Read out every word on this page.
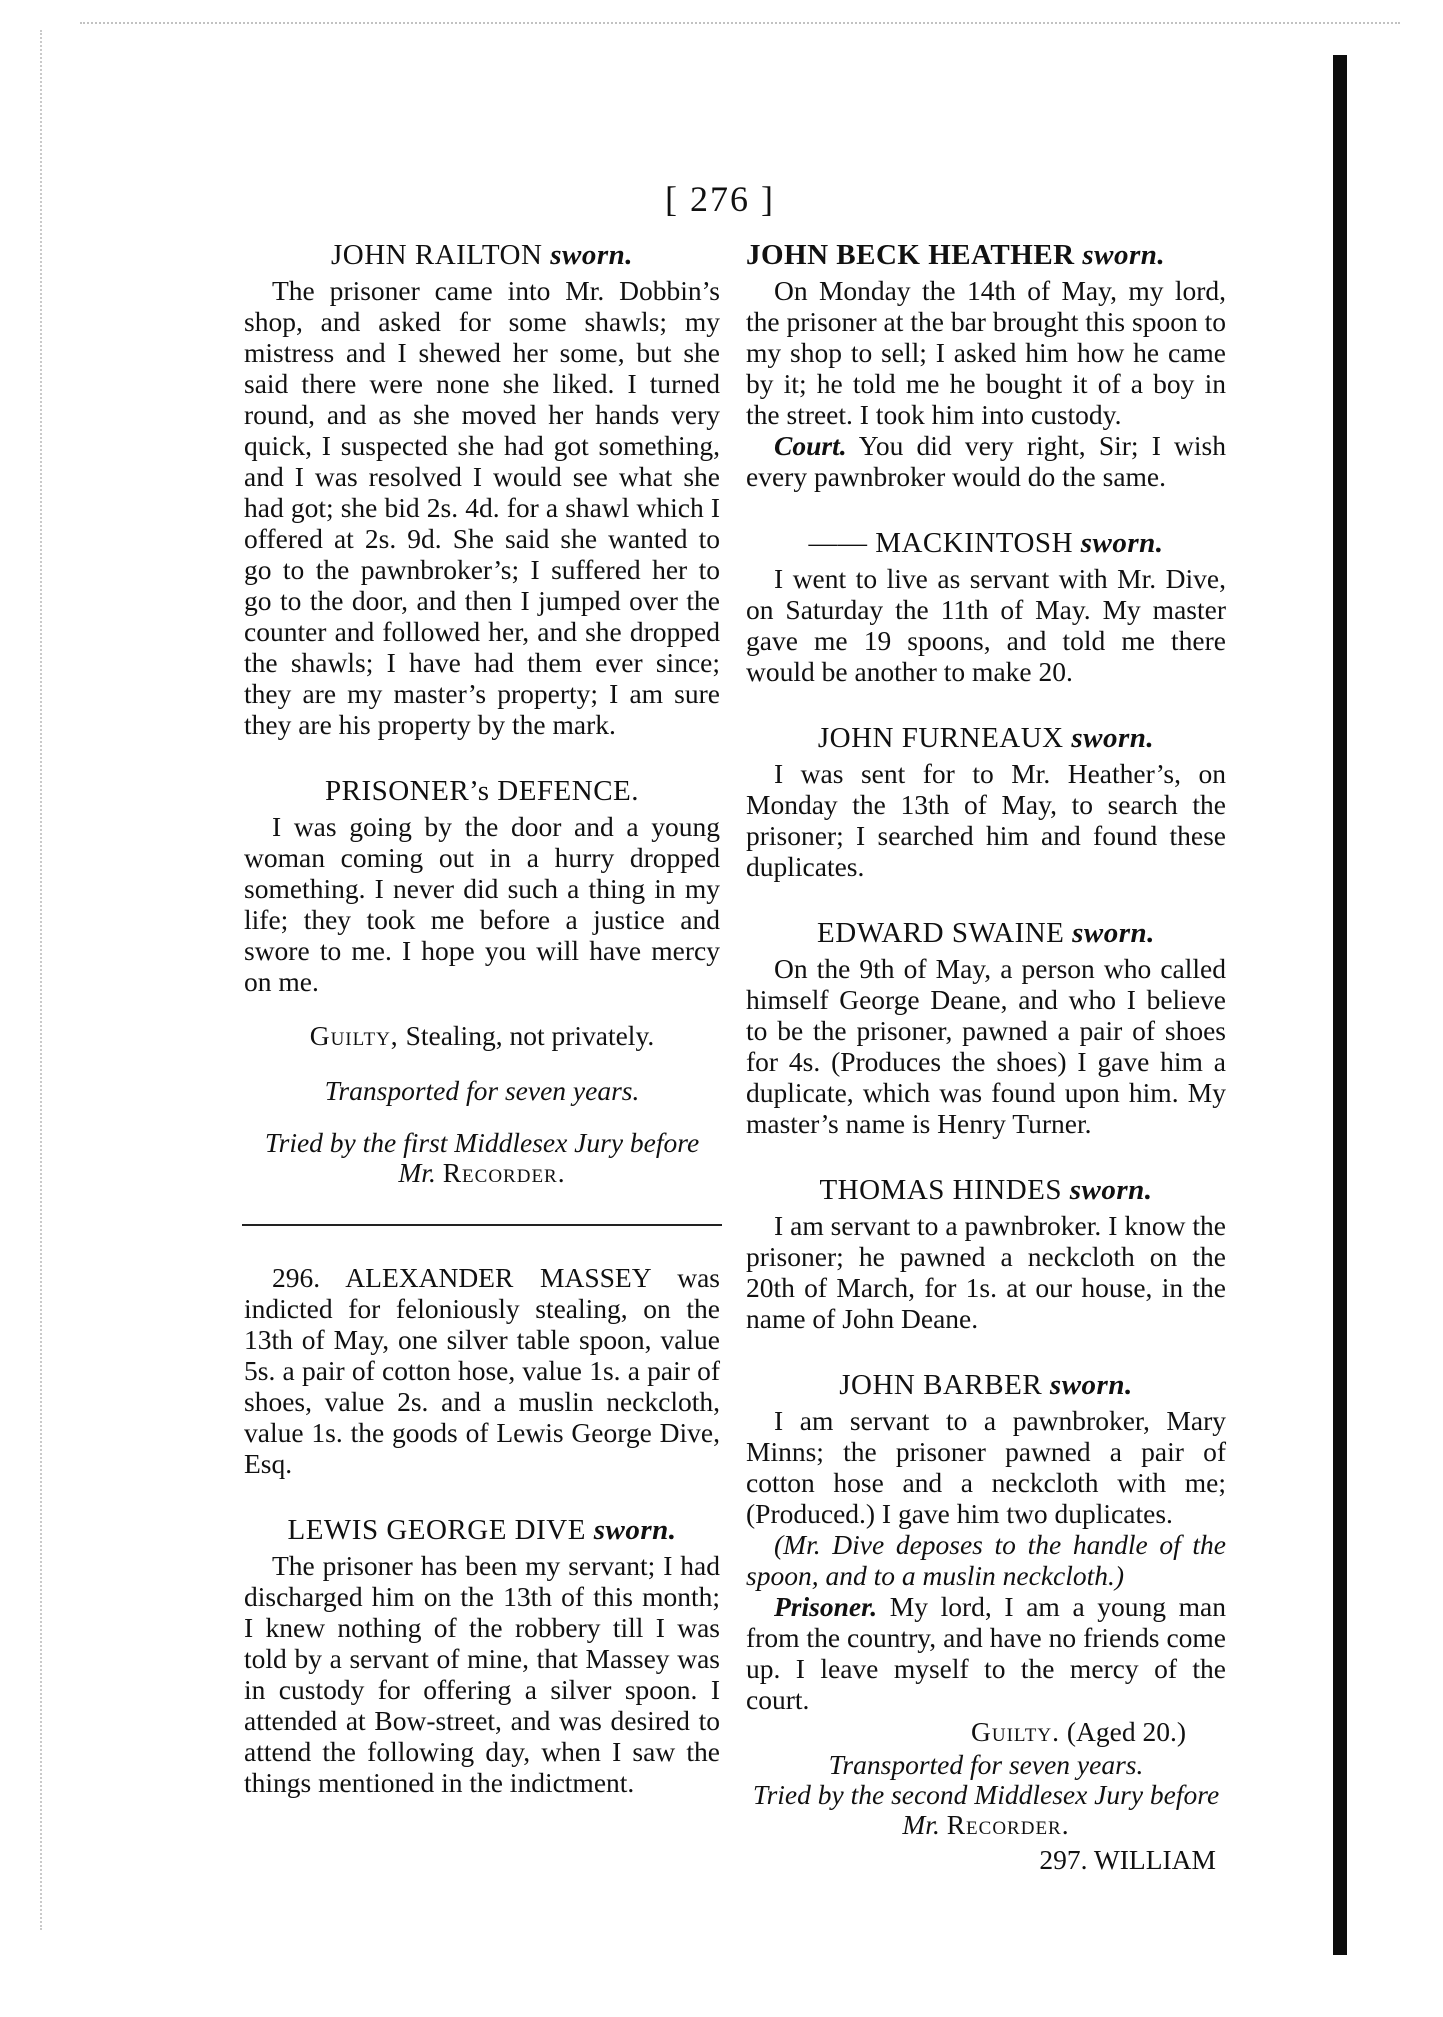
[ 276 ]
JOHN RAILTON sworn.

The prisoner came into Mr. Dobbin’s shop, and asked for some shawls; my mistress and I shewed her some, but she said there were none she liked. I turned round, and as she moved her hands very quick, I suspected she had got something, and I was resolved I would see what she had got; she bid 2s. 4d. for a shawl which I offered at 2s. 9d. She said she wanted to go to the pawnbroker’s; I suffered her to go to the door, and then I jumped over the counter and followed her, and she dropped the shawls; I have had them ever since; they are my master’s property; I am sure they are his property by the mark.

PRISONER’s DEFENCE.

I was going by the door and a young woman coming out in a hurry dropped something. I never did such a thing in my life; they took me before a justice and swore to me. I hope you will have mercy on me.

Guilty, Stealing, not privately.

Transported for seven years.

Tried by the first Middlesex Jury before

Mr. Recorder.

296. ALEXANDER MASSEY was indicted for feloniously stealing, on the 13th of May, one silver table spoon, value 5s. a pair of cotton hose, value 1s. a pair of shoes, value 2s. and a muslin neckcloth, value 1s. the goods of Lewis George Dive, Esq.

LEWIS GEORGE DIVE sworn.

The prisoner has been my servant; I had discharged him on the 13th of this month; I knew nothing of the robbery till I was told by a servant of mine, that Massey was in custody for offering a silver spoon. I attended at Bow-street, and was desired to attend the following day, when I saw the things mentioned in the indictment.

JOHN BECK HEATHER sworn.

On Monday the 14th of May, my lord, the prisoner at the bar brought this spoon to my shop to sell; I asked him how he came by it; he told me he bought it of a boy in the street. I took him into custody.

Court. You did very right, Sir; I wish every pawnbroker would do the same.

—— MACKINTOSH sworn.

I went to live as servant with Mr. Dive, on Saturday the 11th of May. My master gave me 19 spoons, and told me there would be another to make 20.

JOHN FURNEAUX sworn.

I was sent for to Mr. Heather’s, on Monday the 13th of May, to search the prisoner; I searched him and found these duplicates.

EDWARD SWAINE sworn.

On the 9th of May, a person who called himself George Deane, and who I believe to be the prisoner, pawned a pair of shoes for 4s. (Produces the shoes) I gave him a duplicate, which was found upon him. My master’s name is Henry Turner.

THOMAS HINDES sworn.

I am servant to a pawnbroker. I know the prisoner; he pawned a neckcloth on the 20th of March, for 1s. at our house, in the name of John Deane.

JOHN BARBER sworn.

I am servant to a pawnbroker, Mary Minns; the prisoner pawned a pair of cotton hose and a neckcloth with me; (Produced.) I gave him two duplicates.

(Mr. Dive deposes to the handle of the spoon, and to a muslin neckcloth.)

Prisoner. My lord, I am a young man from the country, and have no friends come up. I leave myself to the mercy of the court.

Guilty. (Aged 20.)

Transported for seven years.

Tried by the second Middlesex Jury before

Mr. Recorder.

297. WILLIAM
